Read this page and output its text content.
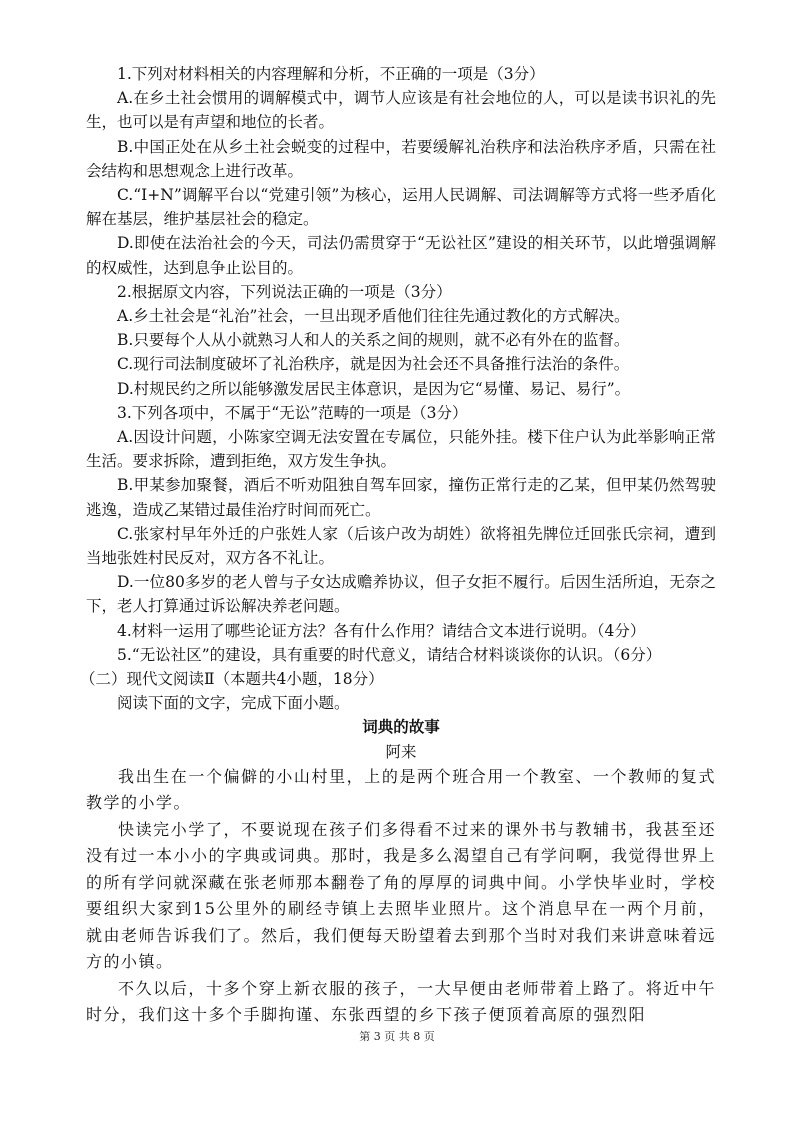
1.下列对材料相关的内容理解和分析，不正确的一项是（3分）

A.在乡土社会惯用的调解模式中，调节人应该是有社会地位的人，可以是读书识礼的先生，也可以是有声望和地位的长者。

B.中国正处在从乡土社会蜕变的过程中，若要缓解礼治秩序和法治秩序矛盾，只需在社会结构和思想观念上进行改革。

C.“I+N”调解平台以“党建引领”为核心，运用人民调解、司法调解等方式将一些矛盾化解在基层，维护基层社会的稳定。

D.即使在法治社会的今天，司法仍需贯穿于“无讼社区”建设的相关环节，以此增强调解的权威性，达到息争止讼目的。

2.根据原文内容，下列说法正确的一项是（3分）

A.乡土社会是“礼治”社会，一旦出现矛盾他们往往先通过教化的方式解决。

B.只要每个人从小就熟习人和人的关系之间的规则，就不必有外在的监督。

C.现行司法制度破坏了礼治秩序，就是因为社会还不具备推行法治的条件。

D.村规民约之所以能够激发居民主体意识，是因为它“易懂、易记、易行”。

3.下列各项中，不属于“无讼”范畴的一项是（3分）

A.因设计问题，小陈家空调无法安置在专属位，只能外挂。楼下住户认为此举影响正常生活。要求拆除，遭到拒绝，双方发生争执。

B.甲某参加聚餐，酒后不听劝阻独自驾车回家，撞伤正常行走的乙某，但甲某仍然驾驶逃逸，造成乙某错过最佳治疗时间而死亡。

C.张家村早年外迁的户张姓人家（后该户改为胡姓）欲将祖先牌位迁回张氏宗祠，遭到当地张姓村民反对，双方各不礼让。

D.一位80多岁的老人曾与子女达成赡养协议，但子女拒不履行。后因生活所迫，无奈之下，老人打算通过诉讼解决养老问题。

4.材料一运用了哪些论证方法？各有什么作用？请结合文本进行说明。（4分）

5.“无讼社区”的建设，具有重要的时代意义，请结合材料谈谈你的认识。（6分）

（二）现代文阅读Ⅱ（本题共4小题，18分）

阅读下面的文字，完成下面小题。

词典的故事

阿来

我出生在一个偏僻的小山村里，上的是两个班合用一个教室、一个教师的复式教学的小学。

快读完小学了，不要说现在孩子们多得看不过来的课外书与教辅书，我甚至还没有过一本小小的字典或词典。那时，我是多么渴望自己有学问啊，我觉得世界上的所有学问就深藏在张老师那本翻卷了角的厚厚的词典中间。小学快毕业时，学校要组织大家到15公里外的刷经寺镇上去照毕业照片。这个消息早在一两个月前，就由老师告诉我们了。然后，我们便每天盼望着去到那个当时对我们来讲意味着远方的小镇。

不久以后，十多个穿上新衣服的孩子，一大早便由老师带着上路了。将近中午时分，我们这十多个手脚拘谨、东张西望的乡下孩子便顶着高原的强烈阳

第 3 页 共 8 页
